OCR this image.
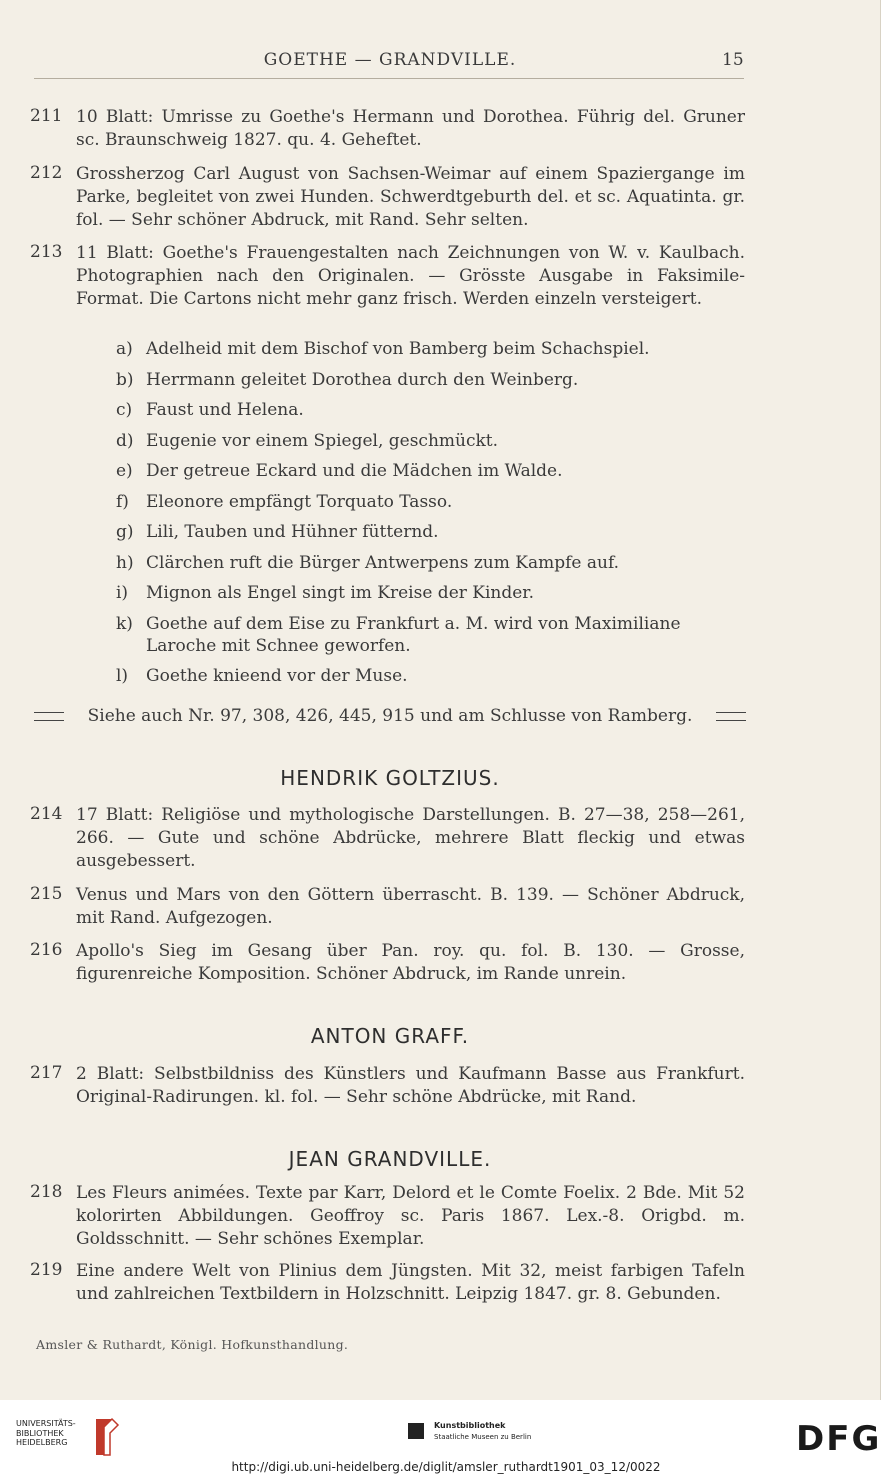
GOETHE — GRANDVILLE.	15
211 10 Blatt: Umrisse zu Goethe's Hermann und Dorothea. Führig del. Gruner sc. Braunschweig 1827. qu. 4. Geheftet.
212 Grossherzog Carl August von Sachsen-Weimar auf einem Spaziergange im Parke, begleitet von zwei Hunden. Schwerdtgeburth del. et sc. Aquatinta. gr. fol. — Sehr schöner Abdruck, mit Rand. Sehr selten.
213 11 Blatt: Goethe's Frauengestalten nach Zeichnungen von W. v. Kaulbach. Photographien nach den Originalen. — Grösste Ausgabe in Faksimile-Format. Die Cartons nicht mehr ganz frisch. Werden einzeln versteigert.
a) Adelheid mit dem Bischof von Bamberg beim Schachspiel.
b) Herrmann geleitet Dorothea durch den Weinberg.
c) Faust und Helena.
d) Eugenie vor einem Spiegel, geschmückt.
e) Der getreue Eckard und die Mädchen im Walde.
f) Eleonore empfängt Torquato Tasso.
g) Lili, Tauben und Hühner fütternd.
h) Clärchen ruft die Bürger Antwerpens zum Kampfe auf.
i) Mignon als Engel singt im Kreise der Kinder.
k) Goethe auf dem Eise zu Frankfurt a. M. wird von Maximiliane Laroche mit Schnee geworfen.
l) Goethe knieend vor der Muse.
Siehe auch Nr. 97, 308, 426, 445, 915 und am Schlusse von Ramberg.
HENDRIK GOLTZIUS.
214 17 Blatt: Religiöse und mythologische Darstellungen. B. 27—38, 258—261, 266. — Gute und schöne Abdrücke, mehrere Blatt fleckig und etwas ausgebessert.
215 Venus und Mars von den Göttern überrascht. B. 139. — Schöner Abdruck, mit Rand. Aufgezogen.
216 Apollo's Sieg im Gesang über Pan. roy. qu. fol. B. 130. — Grosse, figurenreiche Komposition. Schöner Abdruck, im Rande unrein.
ANTON GRAFF.
217 2 Blatt: Selbstbildniss des Künstlers und Kaufmann Basse aus Frankfurt. Original-Radirungen. kl. fol. — Sehr schöne Abdrücke, mit Rand.
JEAN GRANDVILLE.
218 Les Fleurs animées. Texte par Karr, Delord et le Comte Foelix. 2 Bde. Mit 52 kolorirten Abbildungen. Geoffroy sc. Paris 1867. Lex.-8. Origbd. m. Goldsschnitt. — Sehr schönes Exemplar.
219 Eine andere Welt von Plinius dem Jüngsten. Mit 32, meist farbigen Tafeln und zahlreichen Textbildern in Holzschnitt. Leipzig 1847. gr. 8. Gebunden.
Amsler & Ruthardt, Königl. Hofkunsthandlung.
UNIVERSITÄTS-
BIBLIOTHEK
HEIDELBERG
Kunstbibliothek
Staatliche Museen zu Berlin	DFG
http://digi.ub.uni-heidelberg.de/diglit/amsler_ruthardt1901_03_12/0022
